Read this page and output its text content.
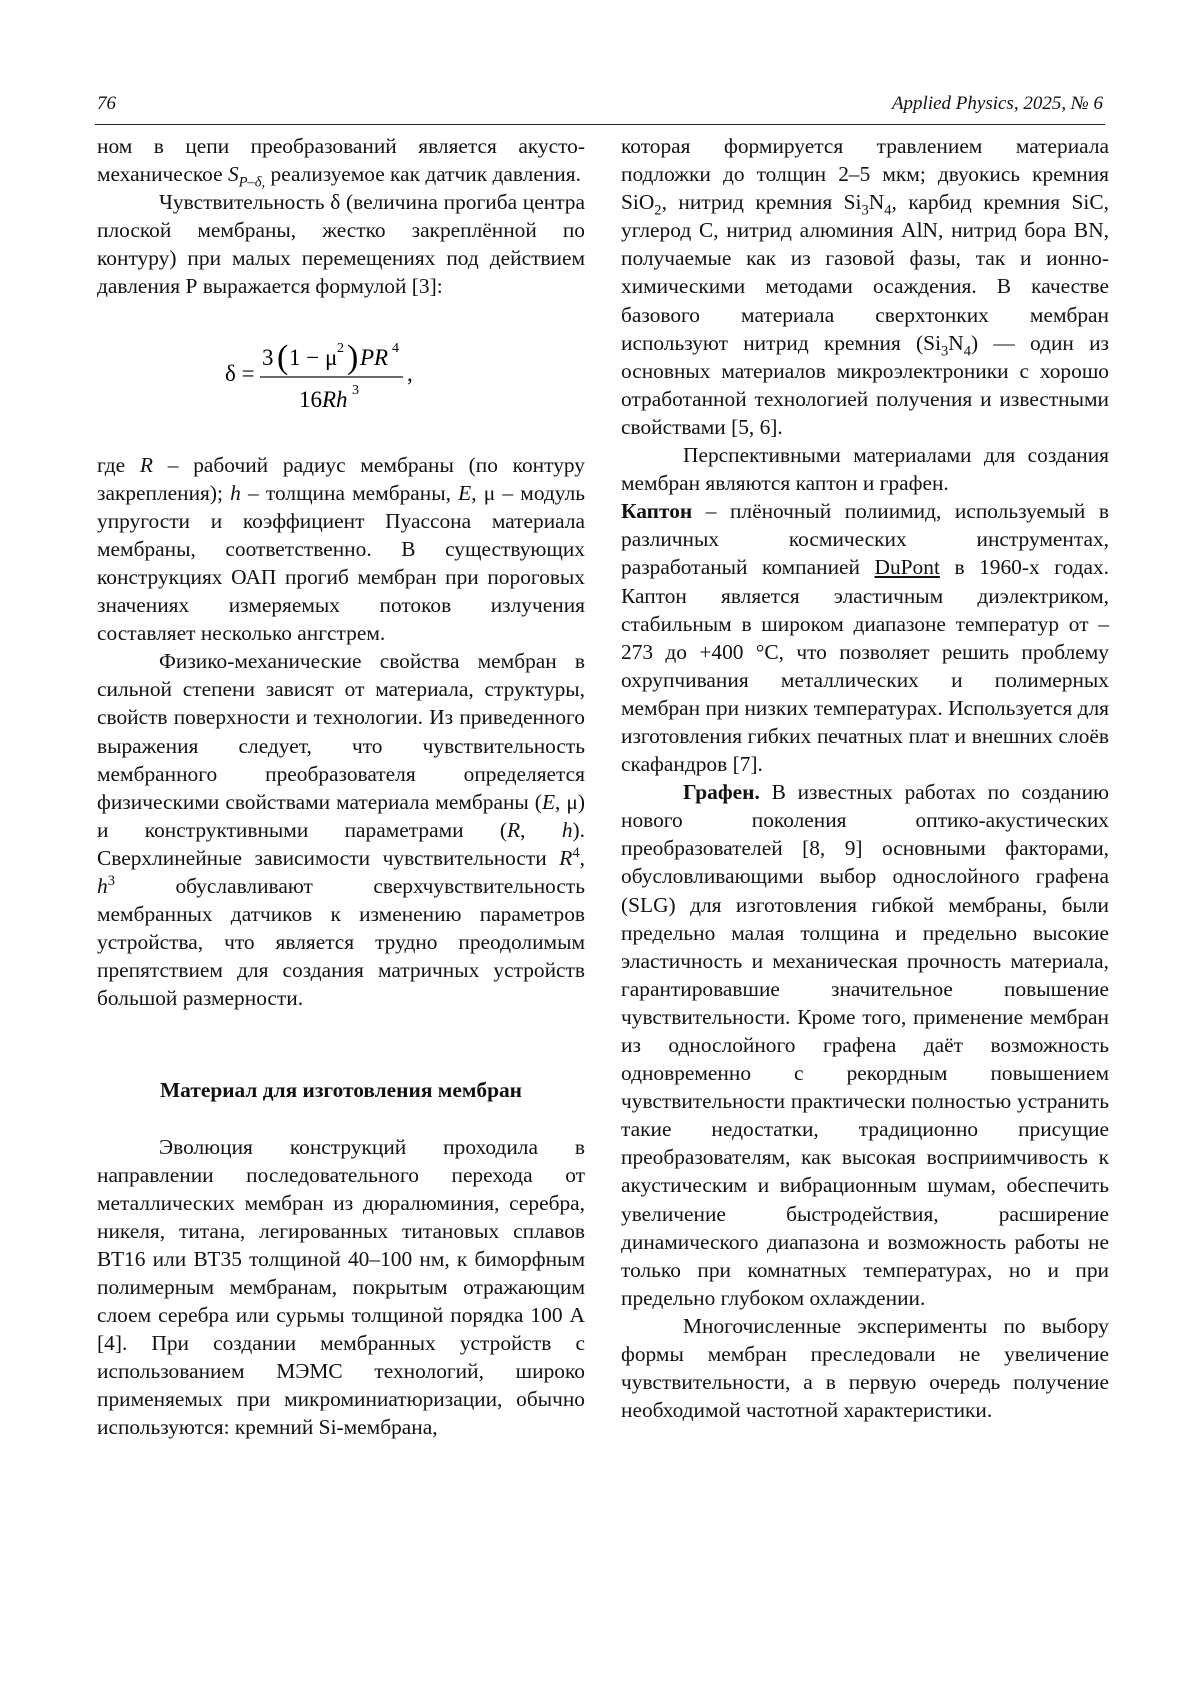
76	Applied Physics, 2025, № 6

ном в цепи преобразований является акусто-механическое $S_{P-\delta,}$ реализуемое как датчик давления.

Чувствительность δ (величина прогиба центра плоской мембраны, жестко закреплённой по контуру) при малых перемещениях под действием давления Р выражается формулой [3]:

δ =
3 ( 1 − μ 2 ) PR 4
16 Rh 3
,

где R – рабочий радиус мембраны (по контуру закрепления); h – толщина мембраны, E, μ – модуль упругости и коэффициент Пуассона материала мембраны, соответственно. В существующих конструкциях ОАП прогиб мембран при пороговых значениях измеряемых потоков излучения составляет несколько ангстрем.

Физико-механические свойства мембран в сильной степени зависят от материала, структуры, свойств поверхности и технологии. Из приведенного выражения следует, что чувствительность мембранного преобразователя определяется физическими свойствами материала мембраны (E, μ) и конструктивными параметрами (R, h). Сверхлинейные зависимости чувствительности $R^4$, $h^3$ обуславливают сверхчувствительность мембранных датчиков к изменению параметров устройства, что является трудно преодолимым препятствием для создания матричных устройств большой размерности.

Материал для изготовления мембран

Эволюция конструкций проходила в направлении последовательного перехода от металлических мембран из дюралюминия, серебра, никеля, титана, легированных титановых сплавов ВТ16 или ВТ35 толщиной 40–100 нм, к биморфным полимерным мембранам, покрытым отражающим слоем серебра или сурьмы толщиной порядка 100 А [4]. При создании мембранных устройств с использованием МЭМС технологий, широко применяемых при микроминиатюризации, обычно используются: кремний Si-мембрана,

которая формируется травлением материала подложки до толщин 2–5 мкм; двуокись кремния SiO$_2$, нитрид кремния $Si_3N_4$, карбид кремния SiC, углерод С, нитрид алюминия AlN, нитрид бора BN, получаемые как из газовой фазы, так и ионно-химическими методами осаждения. В качестве базового материала сверхтонких мембран используют нитрид кремния $(Si_3N_4)$ — один из основных материалов микроэлектроники с хорошо отработанной технологией получения и известными свойствами [5, 6].

Перспективными материалами для создания мембран являются каптон и графен.

Каптон – плёночный полиимид, используемый в различных космических инструментах, разработаный компанией DuPont в 1960-х годах. Каптон является эластичным диэлектриком, стабильным в широком диапазоне температур от –273 до +400 °С, что позволяет решить проблему охрупчивания металлических и полимерных мембран при низких температурах. Используется для изготовления гибких печатных плат и внешних слоёв скафандров [7].

Графен. В известных работах по созданию нового поколения оптико-акустических преобразователей [8, 9] основными факторами, обусловливающими выбор однослойного графена (SLG) для изготовления гибкой мембраны, были предельно малая толщина и предельно высокие эластичность и механическая прочность материала, гарантировавшие значительное повышение чувствительности. Кроме того, применение мембран из однослойного графена даёт возможность одновременно с рекордным повышением чувствительности практически полностью устранить такие недостатки, традиционно присущие преобразователям, как высокая восприимчивость к акустическим и вибрационным шумам, обеспечить увеличение быстродействия, расширение динамического диапазона и возможность работы не только при комнатных температурах, но и при предельно глубоком охлаждении.

Многочисленные эксперименты по выбору формы мембран преследовали не увеличение чувствительности, а в первую очередь получение необходимой частотной характеристики.
